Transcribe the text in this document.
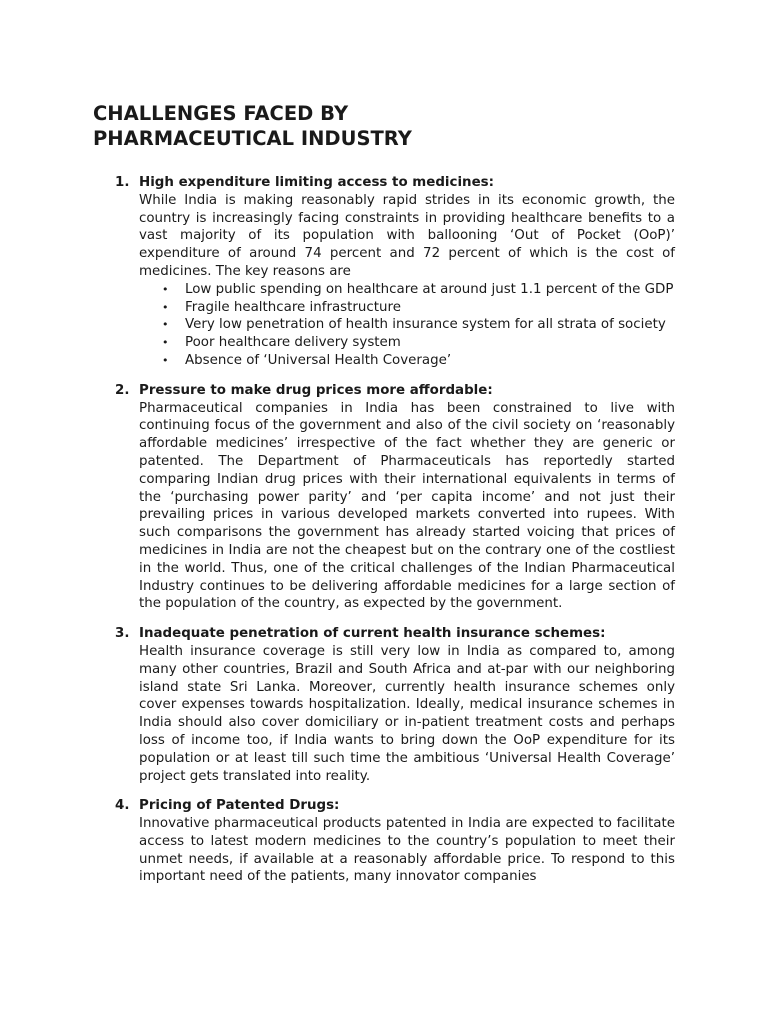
CHALLENGES FACED BY
PHARMACEUTICAL INDUSTRY
1. High expenditure limiting access to medicines:

While India is making reasonably rapid strides in its economic growth, the country is increasingly facing constraints in providing healthcare benefits to a vast majority of its population with ballooning ‘Out of Pocket (OoP)’ expenditure of around 74 percent and 72 percent of which is the cost of medicines. The key reasons are

• Low public spending on healthcare at around just 1.1 percent of the GDP
• Fragile healthcare infrastructure
• Very low penetration of health insurance system for all strata of society
• Poor healthcare delivery system
• Absence of ‘Universal Health Coverage’
2. Pressure to make drug prices more affordable:

Pharmaceutical companies in India has been constrained to live with continuing focus of the government and also of the civil society on ‘reasonably affordable medicines’ irrespective of the fact whether they are generic or patented. The Department of Pharmaceuticals has reportedly started comparing Indian drug prices with their international equivalents in terms of the ‘purchasing power parity’ and ‘per capita income’ and not just their prevailing prices in various developed markets converted into rupees. With such comparisons the government has already started voicing that prices of medicines in India are not the cheapest but on the contrary one of the costliest in the world. Thus, one of the critical challenges of the Indian Pharmaceutical Industry continues to be delivering affordable medicines for a large section of the population of the country, as expected by the government.

3. Inadequate penetration of current health insurance schemes:

Health insurance coverage is still very low in India as compared to, among many other countries, Brazil and South Africa and at-par with our neighboring island state Sri Lanka. Moreover, currently health insurance schemes only cover expenses towards hospitalization. Ideally, medical insurance schemes in India should also cover domiciliary or in-patient treatment costs and perhaps loss of income too, if India wants to bring down the OoP expenditure for its population or at least till such time the ambitious ‘Universal Health Coverage’ project gets translated into reality.

4. Pricing of Patented Drugs:

Innovative pharmaceutical products patented in India are expected to facilitate access to latest modern medicines to the country’s population to meet their unmet needs, if available at a reasonably affordable price. To respond to this important need of the patients, many innovator companies
